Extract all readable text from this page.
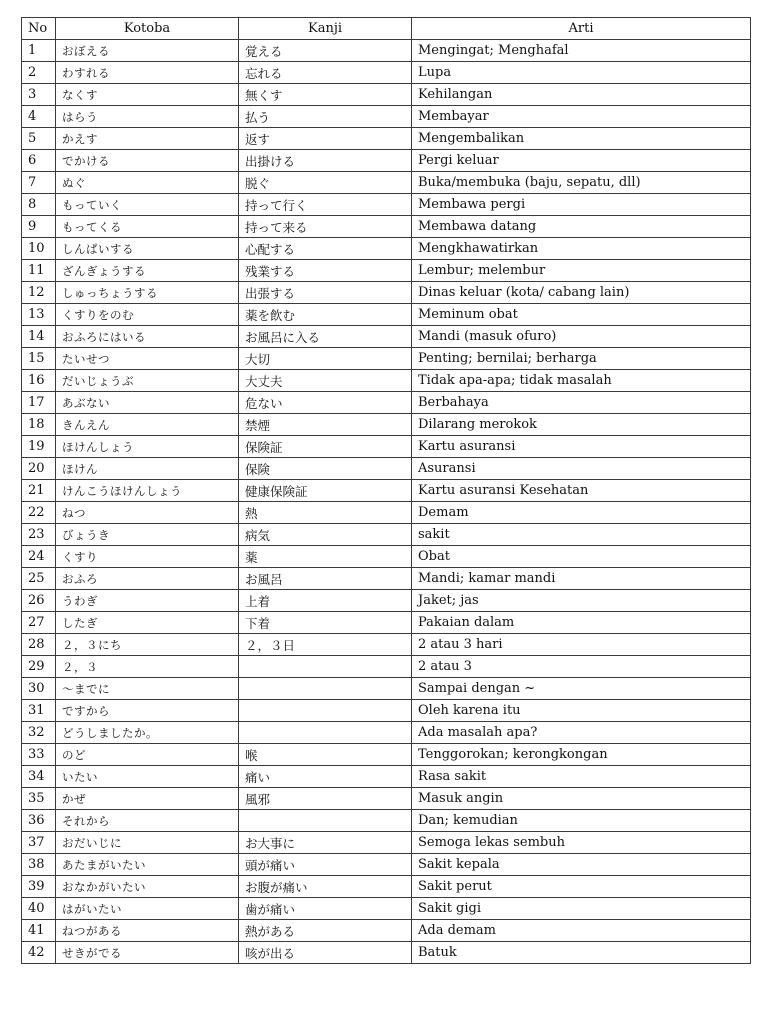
No	Kotoba	Kanji	Arti
1	おぼえる	覚える	Mengingat; Menghafal
2	わすれる	忘れる	Lupa
3	なくす	無くす	Kehilangan
4	はらう	払う	Membayar
5	かえす	返す	Mengembalikan
6	でかける	出掛ける	Pergi keluar
7	ぬぐ	脱ぐ	Buka/membuka (baju, sepatu, dll)
8	もっていく	持って行く	Membawa pergi
9	もってくる	持って来る	Membawa datang
10	しんぱいする	心配する	Mengkhawatirkan
11	ざんぎょうする	残業する	Lembur; melembur
12	しゅっちょうする	出張する	Dinas keluar (kota/ cabang lain)
13	くすりをのむ	薬を飲む	Meminum obat
14	おふろにはいる	お風呂に入る	Mandi (masuk ofuro)
15	たいせつ	大切	Penting; bernilai; berharga
16	だいじょうぶ	大丈夫	Tidak apa-apa; tidak masalah
17	あぶない	危ない	Berbahaya
18	きんえん	禁煙	Dilarang merokok
19	ほけんしょう	保険証	Kartu asuransi
20	ほけん	保険	Asuransi
21	けんこうほけんしょう	健康保険証	Kartu asuransi Kesehatan
22	ねつ	熱	Demam
23	びょうき	病気	sakit
24	くすり	薬	Obat
25	おふろ	お風呂	Mandi; kamar mandi
26	うわぎ	上着	Jaket; jas
27	したぎ	下着	Pakaian dalam
28	２，３にち	２，３日	2 atau 3 hari
29	２，３		2 atau 3
30	～までに		Sampai dengan ~
31	ですから		Oleh karena itu
32	どうしましたか。		Ada masalah apa?
33	のど	喉	Tenggorokan; kerongkongan
34	いたい	痛い	Rasa sakit
35	かぜ	風邪	Masuk angin
36	それから		Dan; kemudian
37	おだいじに	お大事に	Semoga lekas sembuh
38	あたまがいたい	頭が痛い	Sakit kepala
39	おなかがいたい	お腹が痛い	Sakit perut
40	はがいたい	歯が痛い	Sakit gigi
41	ねつがある	熱がある	Ada demam
42	せきがでる	咳が出る	Batuk
